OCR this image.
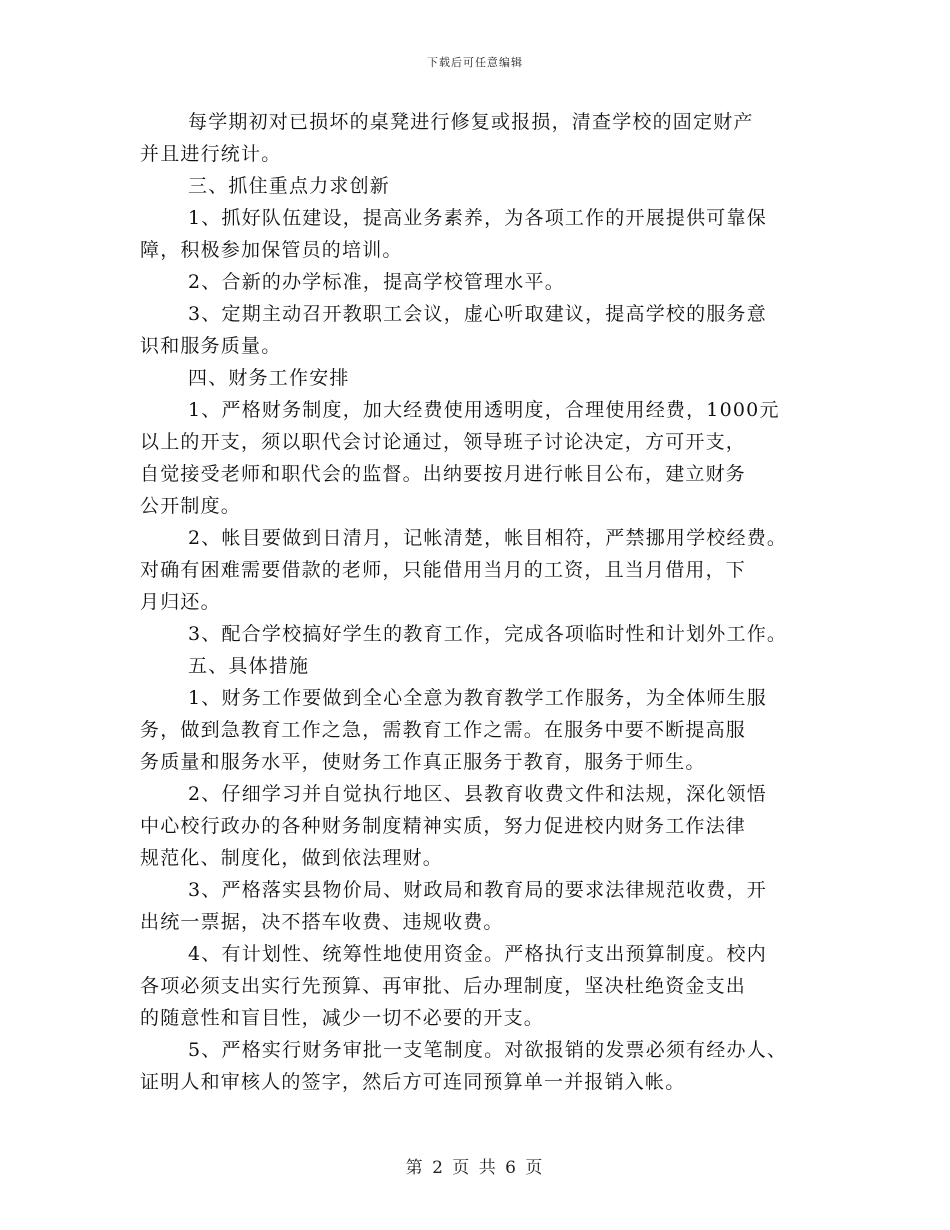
下载后可任意编辑
每学期初对已损坏的桌凳进行修复或报损，清查学校的固定财产
并且进行统计。
三、抓住重点力求创新
1、抓好队伍建设，提高业务素养，为各项工作的开展提供可靠保
障，积极参加保管员的培训。
2、合新的办学标准，提高学校管理水平。
3、定期主动召开教职工会议，虚心听取建议，提高学校的服务意
识和服务质量。
四、财务工作安排
1、严格财务制度，加大经费使用透明度，合理使用经费，1000元
以上的开支，须以职代会讨论通过，领导班子讨论决定，方可开支，
自觉接受老师和职代会的监督。出纳要按月进行帐目公布，建立财务
公开制度。
2、帐目要做到日清月，记帐清楚，帐目相符，严禁挪用学校经费。
对确有困难需要借款的老师，只能借用当月的工资，且当月借用，下
月归还。
3、配合学校搞好学生的教育工作，完成各项临时性和计划外工作。
五、具体措施
1、财务工作要做到全心全意为教育教学工作服务，为全体师生服
务，做到急教育工作之急，需教育工作之需。在服务中要不断提高服
务质量和服务水平，使财务工作真正服务于教育，服务于师生。
2、仔细学习并自觉执行地区、县教育收费文件和法规，深化领悟
中心校行政办的各种财务制度精神实质，努力促进校内财务工作法律
规范化、制度化，做到依法理财。
3、严格落实县物价局、财政局和教育局的要求法律规范收费，开
出统一票据，决不搭车收费、违规收费。
4、有计划性、统筹性地使用资金。严格执行支出预算制度。校内
各项必须支出实行先预算、再审批、后办理制度，坚决杜绝资金支出
的随意性和盲目性，减少一切不必要的开支。
5、严格实行财务审批一支笔制度。对欲报销的发票必须有经办人、
证明人和审核人的签字，然后方可连同预算单一并报销入帐。
第 2 页 共 6 页
